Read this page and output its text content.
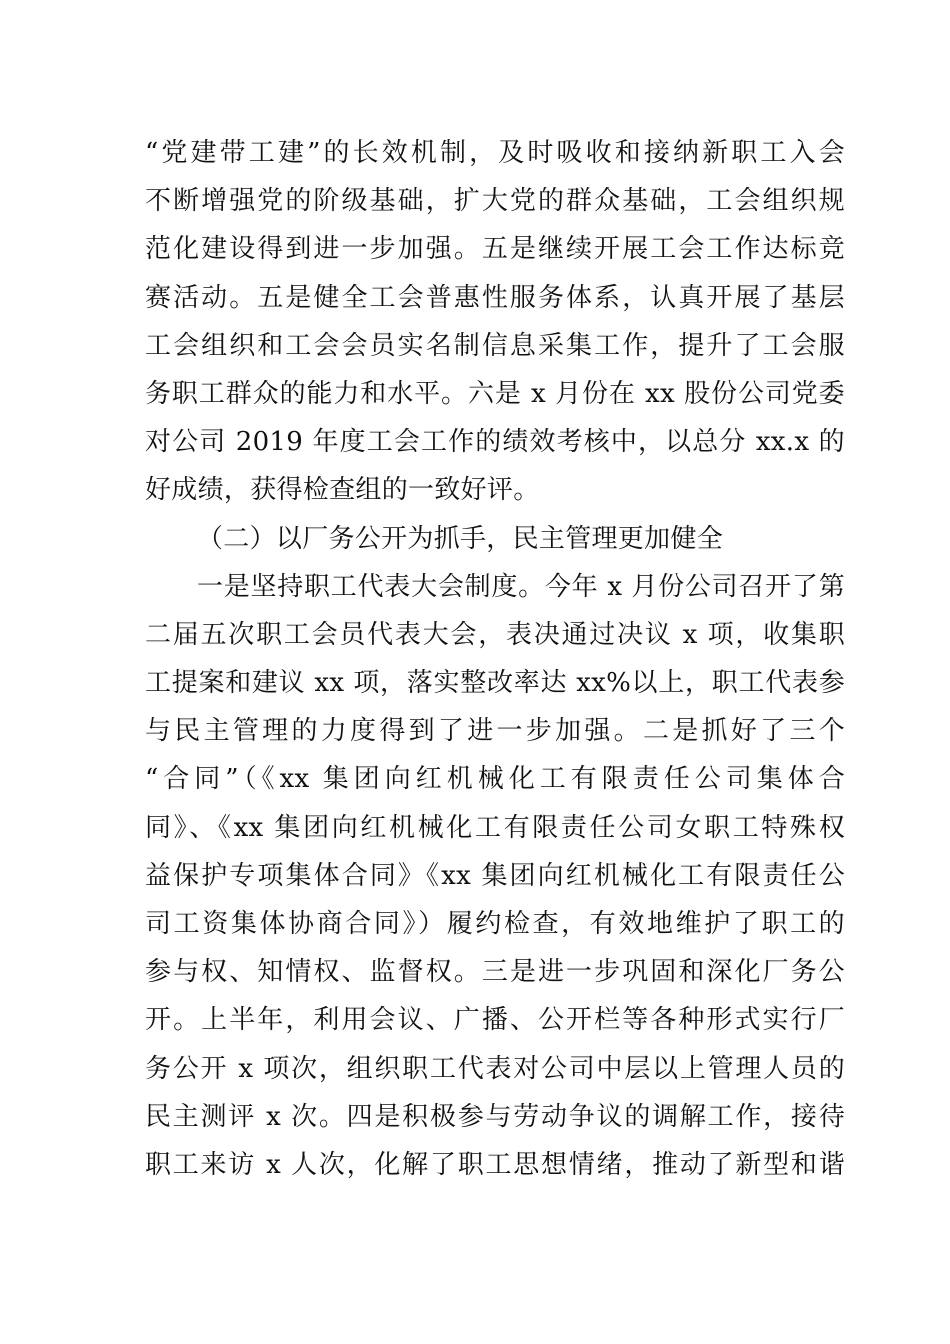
“党建带工建”的长效机制，及时吸收和接纳新职工入会
不断增强党的阶级基础，扩大党的群众基础，工会组织规
范化建设得到进一步加强。五是继续开展工会工作达标竞
赛活动。五是健全工会普惠性服务体系，认真开展了基层
工会组织和工会会员实名制信息采集工作，提升了工会服
务职工群众的能力和水平。六是 x 月份在 xx 股份公司党委
对公司 2019 年度工会工作的绩效考核中，以总分 xx.x 的
好成绩，获得检查组的一致好评。
（二）以厂务公开为抓手，民主管理更加健全
一是坚持职工代表大会制度。今年 x 月份公司召开了第
二届五次职工会员代表大会，表决通过决议 x 项，收集职
工提案和建议 xx 项，落实整改率达 xx%以上，职工代表参
与民主管理的力度得到了进一步加强。二是抓好了三个
“合同”（《xx 集团向红机械化工有限责任公司集体合
同》、《xx 集团向红机械化工有限责任公司女职工特殊权
益保护专项集体合同》《xx 集团向红机械化工有限责任公
司工资集体协商合同》）履约检查，有效地维护了职工的
参与权、知情权、监督权。三是进一步巩固和深化厂务公
开。上半年，利用会议、广播、公开栏等各种形式实行厂
务公开 x 项次，组织职工代表对公司中层以上管理人员的
民主测评 x 次。四是积极参与劳动争议的调解工作，接待
职工来访 x 人次，化解了职工思想情绪，推动了新型和谐
